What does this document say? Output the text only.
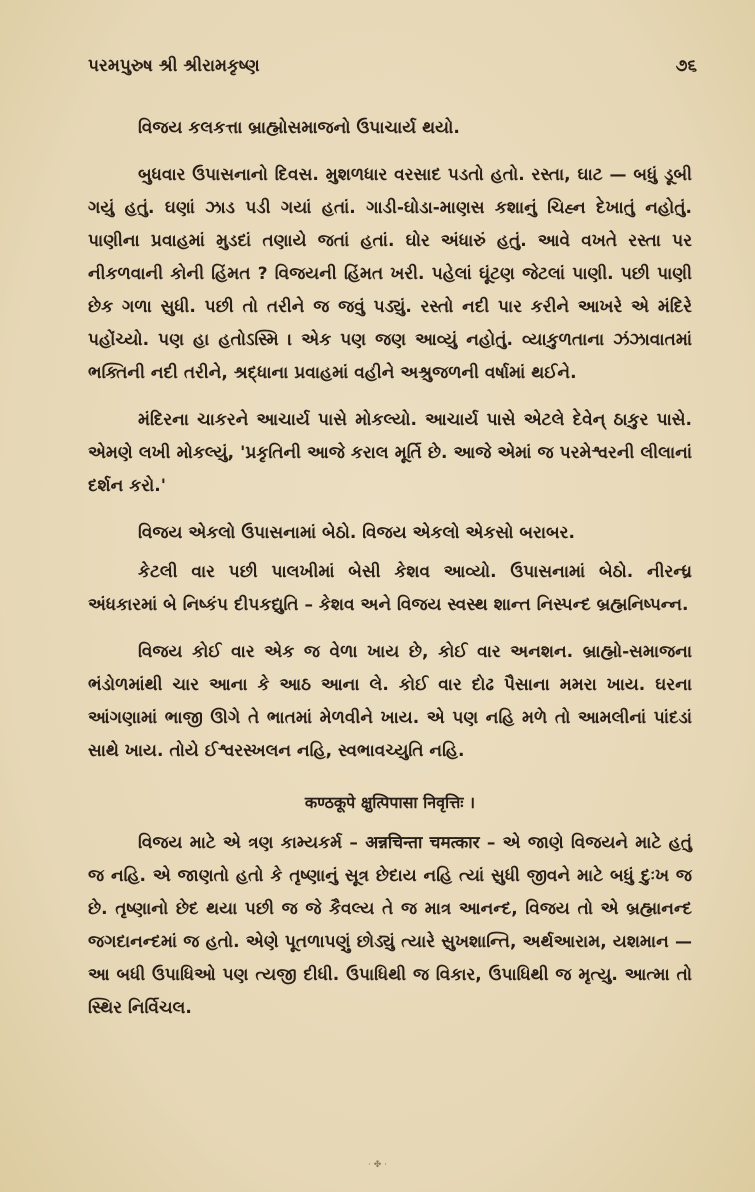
પરમપુરુષ શ્રી શ્રીરામકૃષ્ણ	૭૬

વિજય કલકત્તા બ્રાહ્મોસમાજનો ઉપાચાર્ય થયો.

બુધવાર ઉપાસનાનો દિવસ. મુશળધાર વરસાદ પડતો હતો. રસ્તા, ઘાટ — બધું ડૂબી ગયું હતું. ઘણાં ઝાડ પડી ગયાં હતાં. ગાડી-ઘોડા-માણસ કશાનું ચિહ્ન દેખાતું નહોતું. પાણીના પ્રવાહમાં મુડદાં તણાયે જતાં હતાં. ઘોર અંધારું હતું. આવે વખતે રસ્તા પર નીકળવાની કોની હિંમત ? વિજયની હિંમત ખરી. પહેલાં ઘૂંટણ જેટલાં પાણી. પછી પાણી છેક ગળા સુધી. પછી તો તરીને જ જવું પડ્યું. રસ્તો નદી પાર કરીને આખરે એ મંદિરે પહોંચ્યો. પણ હા હતોઽસ્મિ । એક પણ જણ આવ્યું નહોતું. વ્યાકુળતાના ઝંઝાવાતમાં ભક્તિની નદી તરીને, શ્રદ્ધાના પ્રવાહમાં વહીને અશ્રુજળની વર્ષામાં થઈને.

મંદિરના ચાકરને આચાર્ય પાસે મોકલ્યો. આચાર્ય પાસે એટલે દેવેન્ ઠાકુર પાસે. એમણે લખી મોકલ્યું, 'પ્રકૃતિની આજે કરાલ મૂર્તિ છે. આજે એમાં જ પરમેશ્વરની લીલાનાં દર્શન કરો.'

વિજય એકલો ઉપાસનામાં બેઠો. વિજય એકલો એકસો બરાબર.

કેટલી વાર પછી પાલખીમાં બેસી કેશવ આવ્યો. ઉપાસનામાં બેઠો. નીરન્ધ્ર અંધકારમાં બે નિષ્કંપ દીપકદ્યુતિ – કેશવ અને વિજય સ્વસ્થ શાન્ત નિસ્પન્દ બ્રહ્મનિષ્પન્ન.

વિજય કોઈ વાર એક જ વેળા ખાય છે, કોઈ વાર અનશન. બ્રાહ્મો-સમાજના ભંડોળમાંથી ચાર આના કે આઠ આના લે. કોઈ વાર દોઢ પૈસાના મમરા ખાય. ઘરના આંગણામાં ભાજી ઊગે તે ભાતમાં મેળવીને ખાય. એ પણ નહિ મળે તો આમલીનાં પાંદડાં સાથે ખાય. તોયે ઈશ્વરસ્ખલન નહિ, સ્વભાવચ્યુતિ નહિ.

कण्ठकूपे क्षुत्पिपासा निवृत्तिः ।

વિજય માટે એ ત્રણ કામ્યકર્મ – अन्नचिन्ता चमत्कार – એ જાણે વિજયને માટે હતું જ નહિ. એ જાણતો હતો કે તૃષ્ણાનું સૂત્ર છેદાય નહિ ત્યાં સુધી જીવને માટે બધું દુઃખ જ છે. તૃષ્ણાનો છેદ થયા પછી જ જે કૈવલ્ય તે જ માત્ર આનન્દ, વિજય તો એ બ્રહ્માનન્દ જગદાનન્દમાં જ હતો. એણે પૂતળાપણું છોડ્યું ત્યારે સુખશાન્તિ, અર્થઆરામ, યશમાન — આ બધી ઉપાધિઓ પણ ત્યજી દીધી. ઉપાધિથી જ વિકાર, ઉપાધિથી જ મૃત્યુ. આત્મા તો સ્થિર નિર્વિચલ.

· ✤ ·
